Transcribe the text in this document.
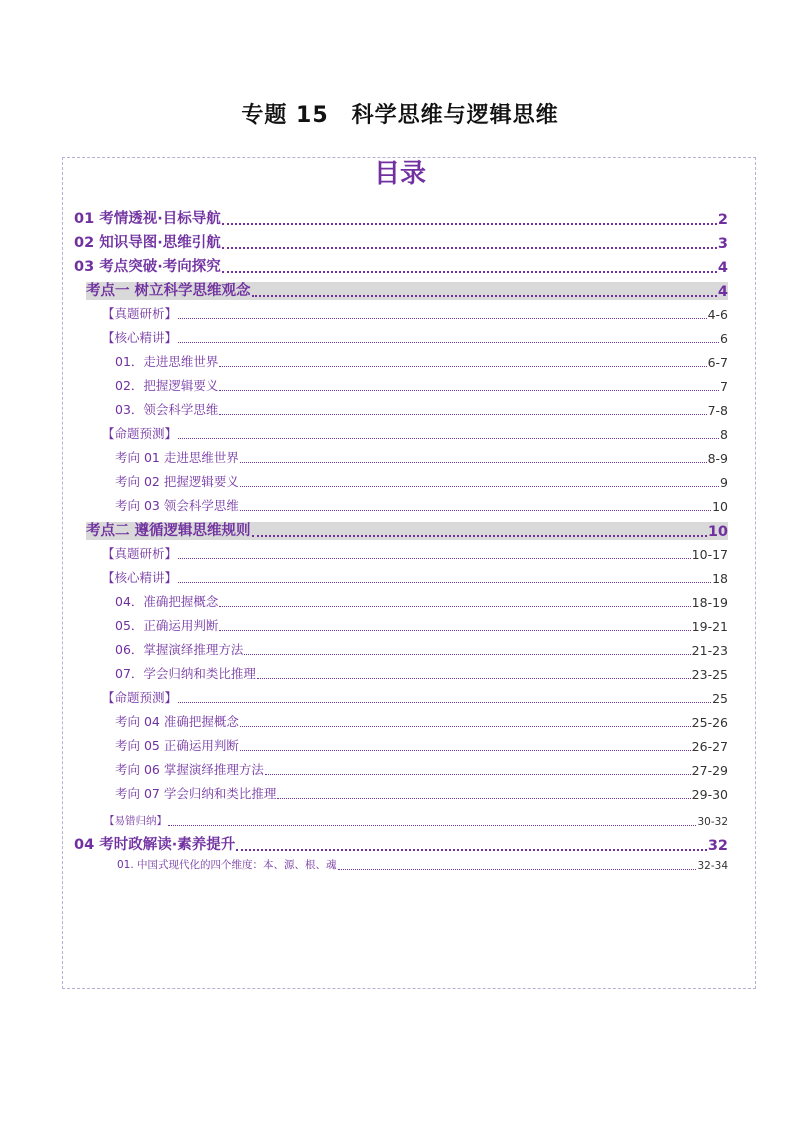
专题 15　科学思维与逻辑思维
目录
01 考情透视·目标导航	2
02 知识导图·思维引航	3
03 考点突破·考向探究	4
考点一 树立科学思维观念	4
【真题研析】	4-6
【核心精讲】	6
01．走进思维世界	6-7
02．把握逻辑要义	7
03．领会科学思维	7-8
【命题预测】	8
考向 01 走进思维世界	8-9
考向 02 把握逻辑要义	9
考向 03 领会科学思维	10
考点二 遵循逻辑思维规则	10
【真题研析】	10-17
【核心精讲】	18
04．准确把握概念	18-19
05．正确运用判断	19-21
06．掌握演绎推理方法	21-23
07．学会归纳和类比推理	23-25
【命题预测】	25
考向 04 准确把握概念	25-26
考向 05 正确运用判断	26-27
考向 06 掌握演绎推理方法	27-29
考向 07 学会归纳和类比推理	29-30
【易错归纳】	30-32
04 考时政解读·素养提升	32
01. 中国式现代化的四个维度：本、源、根、魂	32-34
